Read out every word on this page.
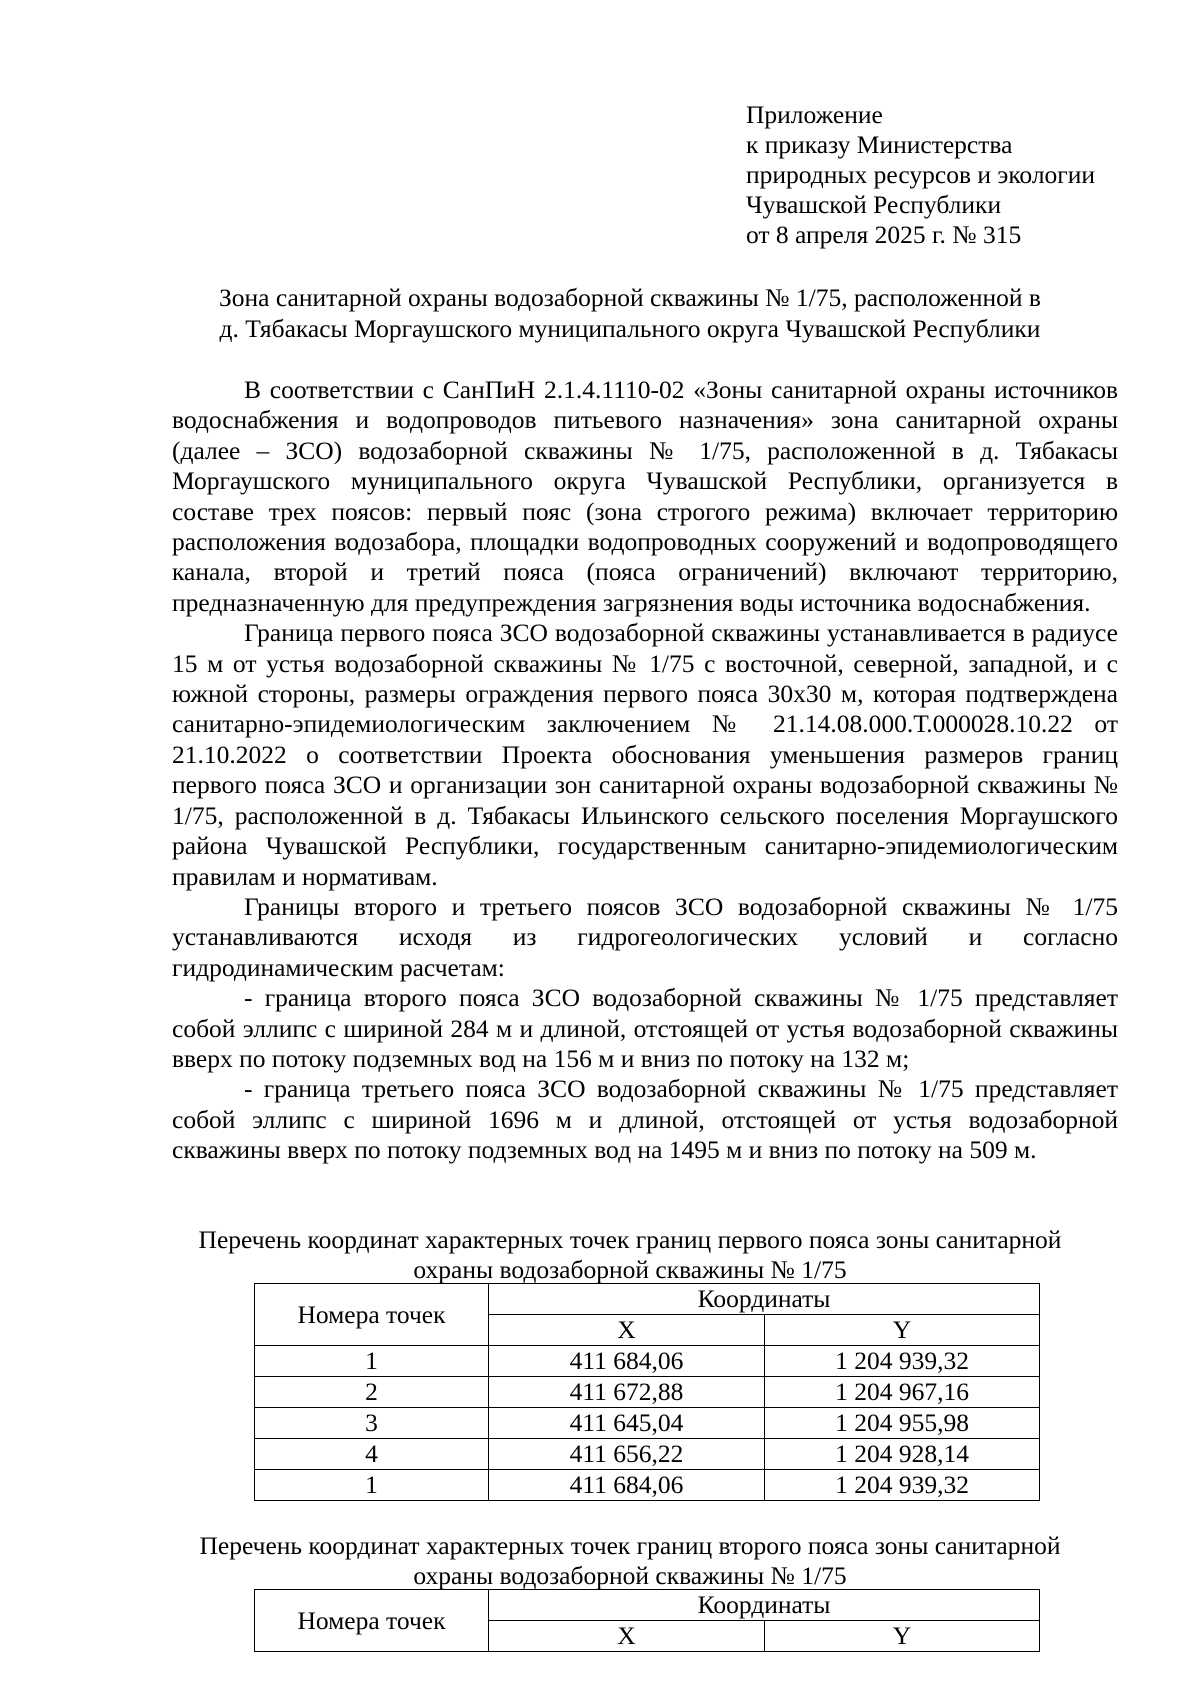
Приложение
к приказу Министерства
природных ресурсов и экологии
Чувашской Республики
от 8 апреля 2025 г. № 315
Зона санитарной охраны водозаборной скважины № 1/75, расположенной в
д. Тябакасы Моргаушского муниципального округа Чувашской Республики

В соответствии с СанПиН 2.1.4.1110-02 «Зоны санитарной охраны источников водоснабжения и водопроводов питьевого назначения» зона санитарной охраны (далее – ЗСО) водозаборной скважины № 1/75, расположенной в д. Тябакасы Моргаушского муниципального округа Чувашской Республики, организуется в составе трех поясов: первый пояс (зона строгого режима) включает территорию расположения водозабора, площадки водопроводных сооружений и водопроводящего канала, второй и третий пояса (пояса ограничений) включают территорию, предназначенную для предупреждения загрязнения воды источника водоснабжения.

Граница первого пояса ЗСО водозаборной скважины устанавливается в радиусе 15 м от устья водозаборной скважины № 1/75 с восточной, северной, западной, и с южной стороны, размеры ограждения первого пояса 30х30 м, которая подтверждена санитарно-эпидемиологическим заключением № 21.14.08.000.Т.000028.10.22 от 21.10.2022 о соответствии Проекта обоснования уменьшения размеров границ первого пояса ЗСО и организации зон санитарной охраны водозаборной скважины № 1/75, расположенной в д. Тябакасы Ильинского сельского поселения Моргаушского района Чувашской Республики, государственным санитарно-эпидемиологическим правилам и нормативам.

Границы второго и третьего поясов ЗСО водозаборной скважины № 1/75 устанавливаются исходя из гидрогеологических условий и согласно гидродинамическим расчетам:

- граница второго пояса ЗСО водозаборной скважины № 1/75 представляет собой эллипс с шириной 284 м и длиной, отстоящей от устья водозаборной скважины вверх по потоку подземных вод на 156 м и вниз по потоку на 132 м;

- граница третьего пояса ЗСО водозаборной скважины № 1/75 представляет собой эллипс с шириной 1696 м и длиной, отстоящей от устья водозаборной скважины вверх по потоку подземных вод на 1495 м и вниз по потоку на 509 м.

Перечень координат характерных точек границ первого пояса зоны санитарной
охраны водозаборной скважины № 1/75
Номера точек	Координаты	
	X	Y
1	411 684,06	1 204 939,32
2	411 672,88	1 204 967,16
3	411 645,04	1 204 955,98
4	411 656,22	1 204 928,14
1	411 684,06	1 204 939,32
Перечень координат характерных точек границ второго пояса зоны санитарной
охраны водозаборной скважины № 1/75
Номера точек	Координаты	
	X	Y
